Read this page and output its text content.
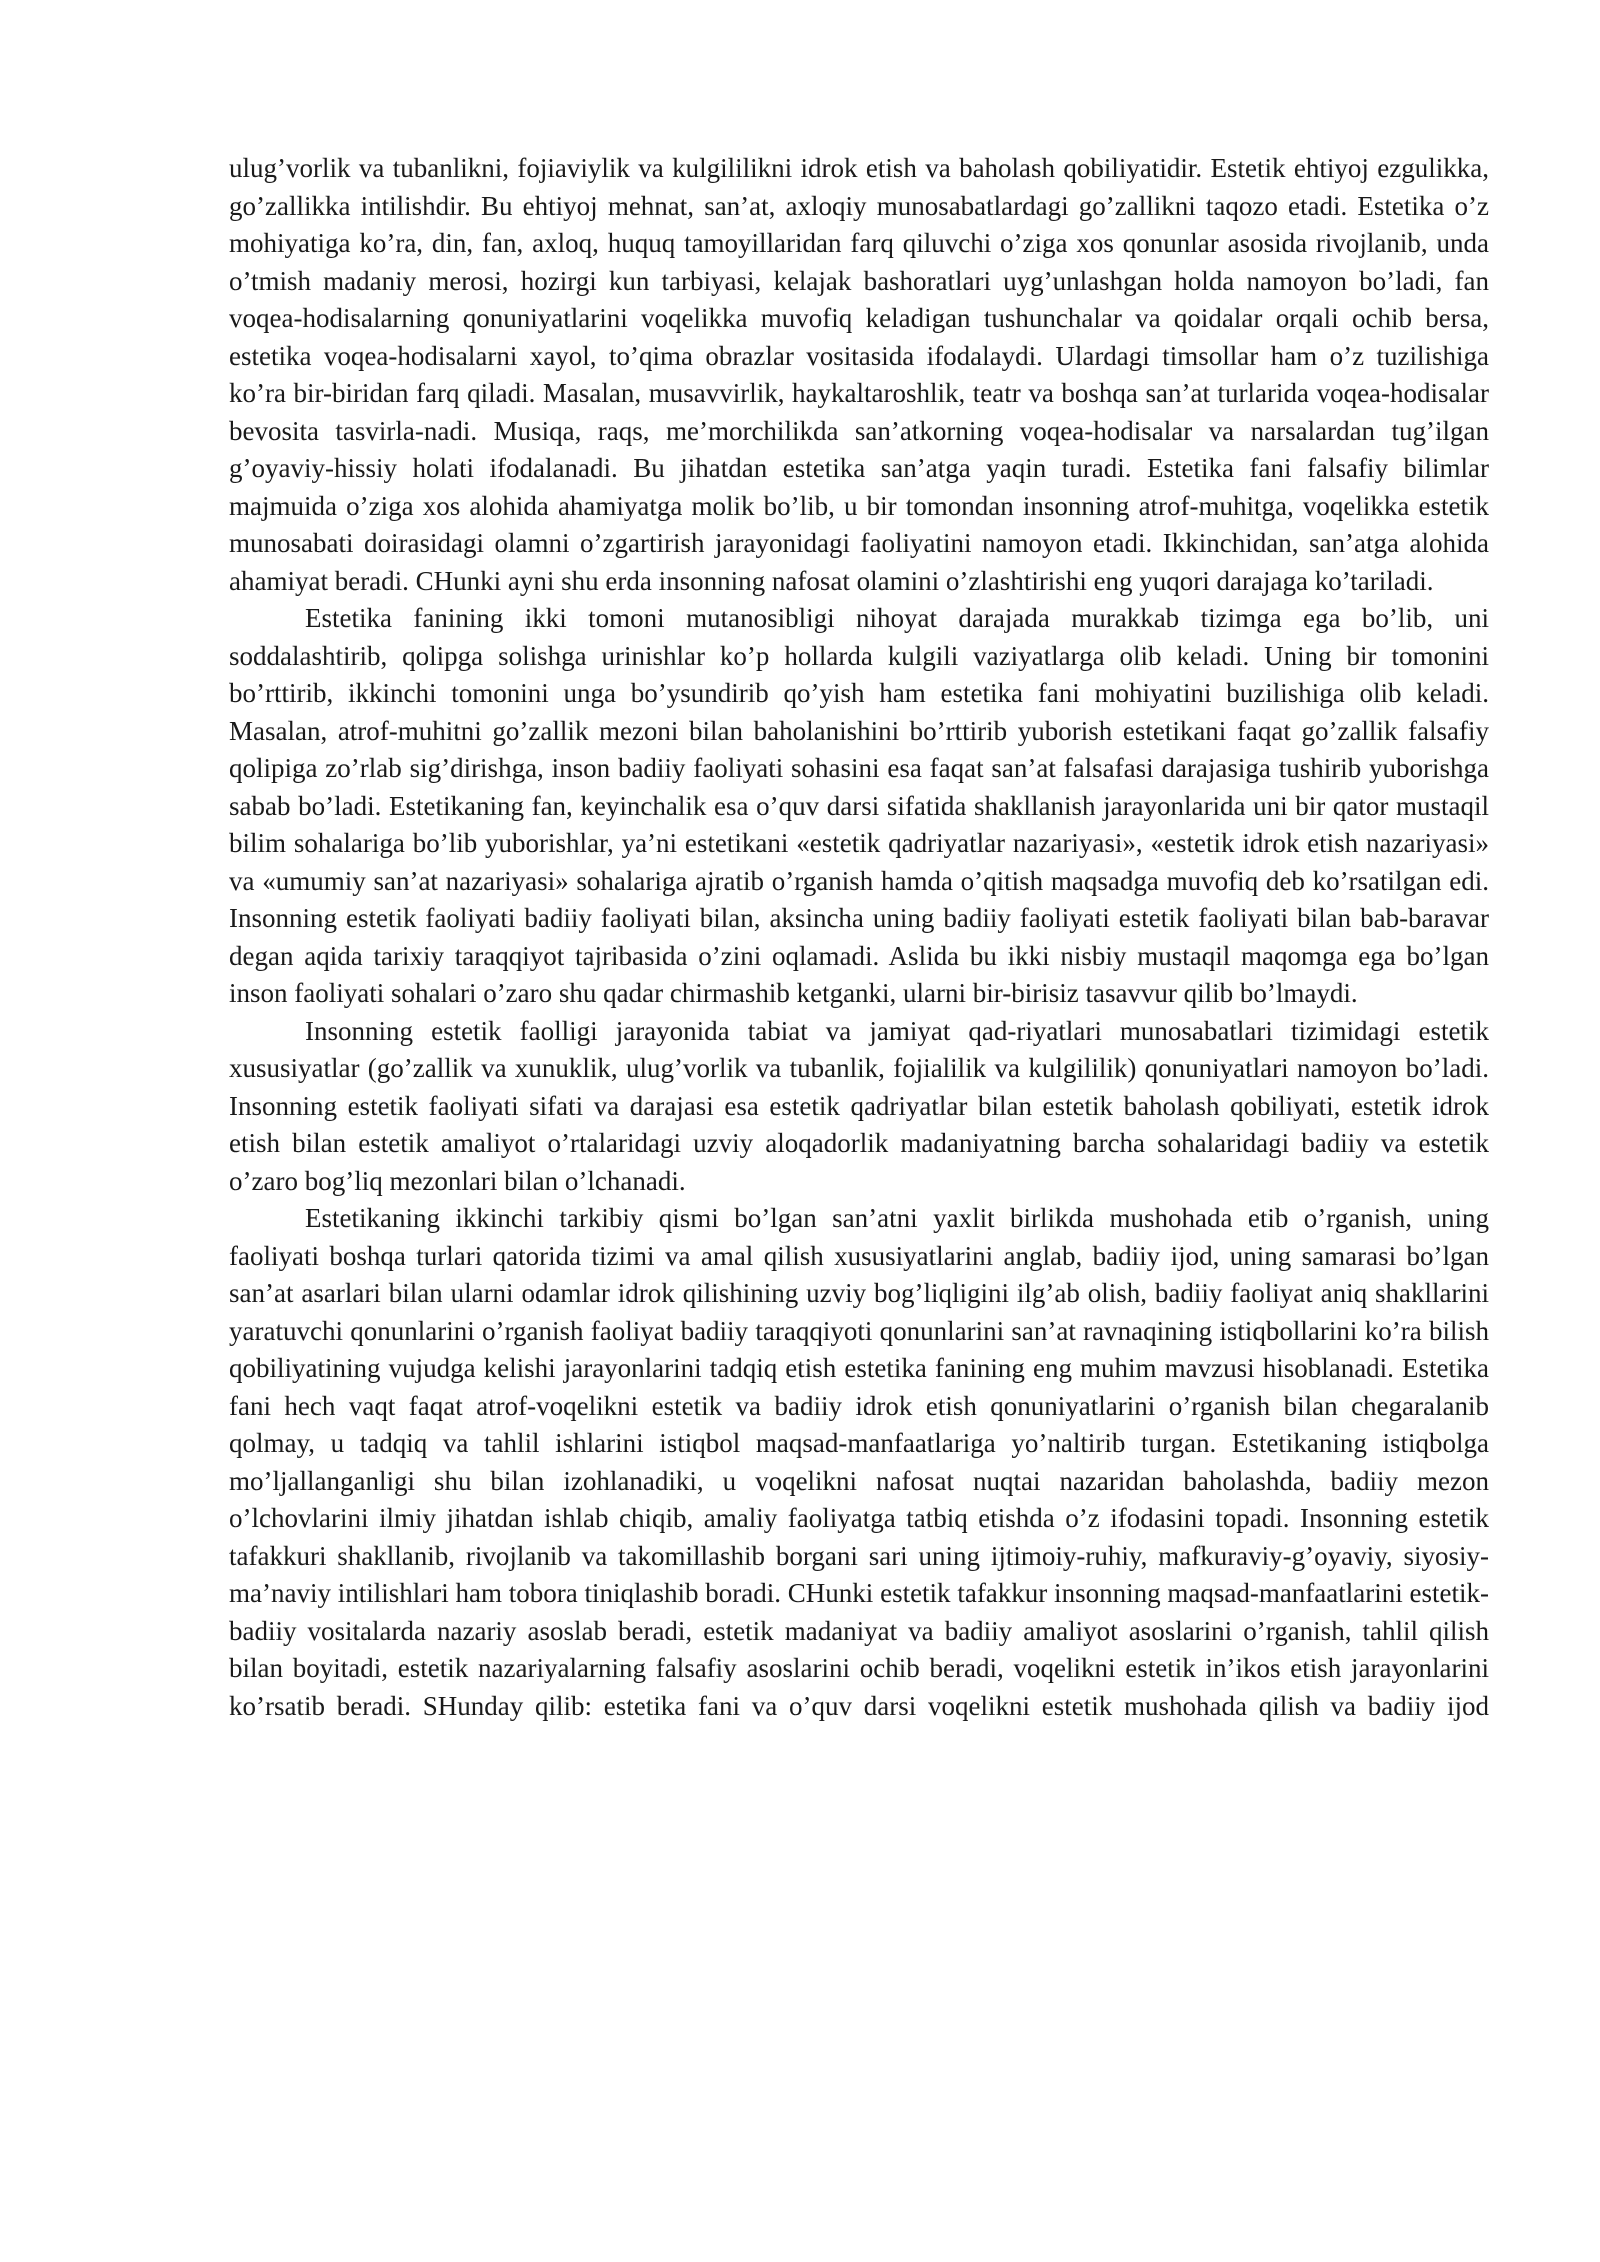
ulug’vorlik va tubanlikni, fojiaviylik va kulgililikni idrok etish va baholash qobiliyatidir. Estetik ehtiyoj ezgulikka, go’zallikka intilishdir. Bu ehtiyoj mehnat, san’at, axloqiy munosabatlardagi go’zallikni taqozo etadi. Estetika o’z mohiyatiga ko’ra, din, fan, axloq, huquq tamoyillaridan farq qiluvchi o’ziga xos qonunlar asosida rivojlanib, unda o’tmish madaniy merosi, hozirgi kun tarbiyasi, kelajak bashoratlari uyg’unlashgan holda namoyon bo’ladi, fan voqea-hodisalarning qonuniyatlarini voqelikka muvofiq keladigan tushunchalar va qoidalar orqali ochib bersa, estetika voqea-hodisalarni xayol, to’qima obrazlar vositasida ifodalaydi. Ulardagi timsollar ham o’z tuzilishiga ko’ra bir-biridan farq qiladi. Masalan, musavvirlik, haykaltaroshlik, teatr va boshqa san’at turlarida voqea-hodisalar bevosita tasvirla-nadi. Musiqa, raqs, me’morchilikda san’atkorning voqea-hodisalar va narsalardan tug’ilgan g’oyaviy-hissiy holati ifodalanadi. Bu jihatdan estetika san’atga yaqin turadi. Estetika fani falsafiy bilimlar majmuida o’ziga xos alohida ahamiyatga molik bo’lib, u bir tomondan insonning atrof-muhitga, voqelikka estetik munosabati doirasidagi olamni o’zgartirish jarayonidagi faoliyatini namoyon etadi. Ikkinchidan, san’atga alohida ahamiyat beradi. CHunki ayni shu erda insonning nafosat olamini o’zlashtirishi eng yuqori darajaga ko’tariladi.

Estetika fanining ikki tomoni mutanosibligi nihoyat darajada murakkab tizimga ega bo’lib, uni soddalashtirib, qolipga solishga urinishlar ko’p hollarda kulgili vaziyatlarga olib keladi. Uning bir tomonini bo’rttirib, ikkinchi tomonini unga bo’ysundirib qo’yish ham estetika fani mohiyatini buzilishiga olib keladi. Masalan, atrof-muhitni go’zallik mezoni bilan baholanishini bo’rttirib yuborish estetikani faqat go’zallik falsafiy qolipiga zo’rlab sig’dirishga, inson badiiy faoliyati sohasini esa faqat san’at falsafasi darajasiga tushirib yuborishga sabab bo’ladi. Estetikaning fan, keyinchalik esa o’quv darsi sifatida shakllanish jarayonlarida uni bir qator mustaqil bilim sohalariga bo’lib yuborishlar, ya’ni estetikani «estetik qadriyatlar nazariyasi», «estetik idrok etish nazariyasi» va «umumiy san’at nazariyasi» sohalariga ajratib o’rganish hamda o’qitish maqsadga muvofiq deb ko’rsatilgan edi. Insonning estetik faoliyati badiiy faoliyati bilan, aksincha uning badiiy faoliyati estetik faoliyati bilan bab-baravar degan aqida tarixiy taraqqiyot tajribasida o’zini oqlamadi. Aslida bu ikki nisbiy mustaqil maqomga ega bo’lgan inson faoliyati sohalari o’zaro shu qadar chirmashib ketganki, ularni bir-birisiz tasavvur qilib bo’lmaydi.

Insonning estetik faolligi jarayonida tabiat va jamiyat qad-riyatlari munosabatlari tizimidagi estetik xususiyatlar (go’zallik va xunuklik, ulug’vorlik va tubanlik, fojialilik va kulgililik) qonuniyatlari namoyon bo’ladi. Insonning estetik faoliyati sifati va darajasi esa estetik qadriyatlar bilan estetik baholash qobiliyati, estetik idrok etish bilan estetik amaliyot o’rtalaridagi uzviy aloqadorlik madaniyatning barcha sohalaridagi badiiy va estetik o’zaro bog’liq mezonlari bilan o’lchanadi.

Estetikaning ikkinchi tarkibiy qismi bo’lgan san’atni yaxlit birlikda mushohada etib o’rganish, uning faoliyati boshqa turlari qatorida tizimi va amal qilish xususiyatlarini anglab, badiiy ijod, uning samarasi bo’lgan san’at asarlari bilan ularni odamlar idrok qilishining uzviy bog’liqligini ilg’ab olish, badiiy faoliyat aniq shakllarini yaratuvchi qonunlarini o’rganish faoliyat badiiy taraqqiyoti qonunlarini san’at ravnaqining istiqbollarini ko’ra bilish qobiliyatining vujudga kelishi jarayonlarini tadqiq etish estetika fanining eng muhim mavzusi hisoblanadi. Estetika fani hech vaqt faqat atrof-voqelikni estetik va badiiy idrok etish qonuniyatlarini o’rganish bilan chegaralanib qolmay, u tadqiq va tahlil ishlarini istiqbol maqsad-manfaatlariga yo’naltirib turgan. Estetikaning istiqbolga mo’ljallanganligi shu bilan izohlanadiki, u voqelikni nafosat nuqtai nazaridan baholashda, badiiy mezon o’lchovlarini ilmiy jihatdan ishlab chiqib, amaliy faoliyatga tatbiq etishda o’z ifodasini topadi. Insonning estetik tafakkuri shakllanib, rivojlanib va takomillashib borgani sari uning ijtimoiy-ruhiy, mafkuraviy-g’oyaviy, siyosiy-ma’naviy intilishlari ham tobora tiniqlashib boradi. CHunki estetik tafakkur insonning maqsad-manfaatlarini estetik-badiiy vositalarda nazariy asoslab beradi, estetik madaniyat va badiiy amaliyot asoslarini o’rganish, tahlil qilish bilan boyitadi, estetik nazariyalarning falsafiy asoslarini ochib beradi, voqelikni estetik in’ikos etish jarayonlarini ko’rsatib beradi. SHunday qilib: estetika fani va o’quv darsi voqelikni estetik mushohada qilish va badiiy ijod
